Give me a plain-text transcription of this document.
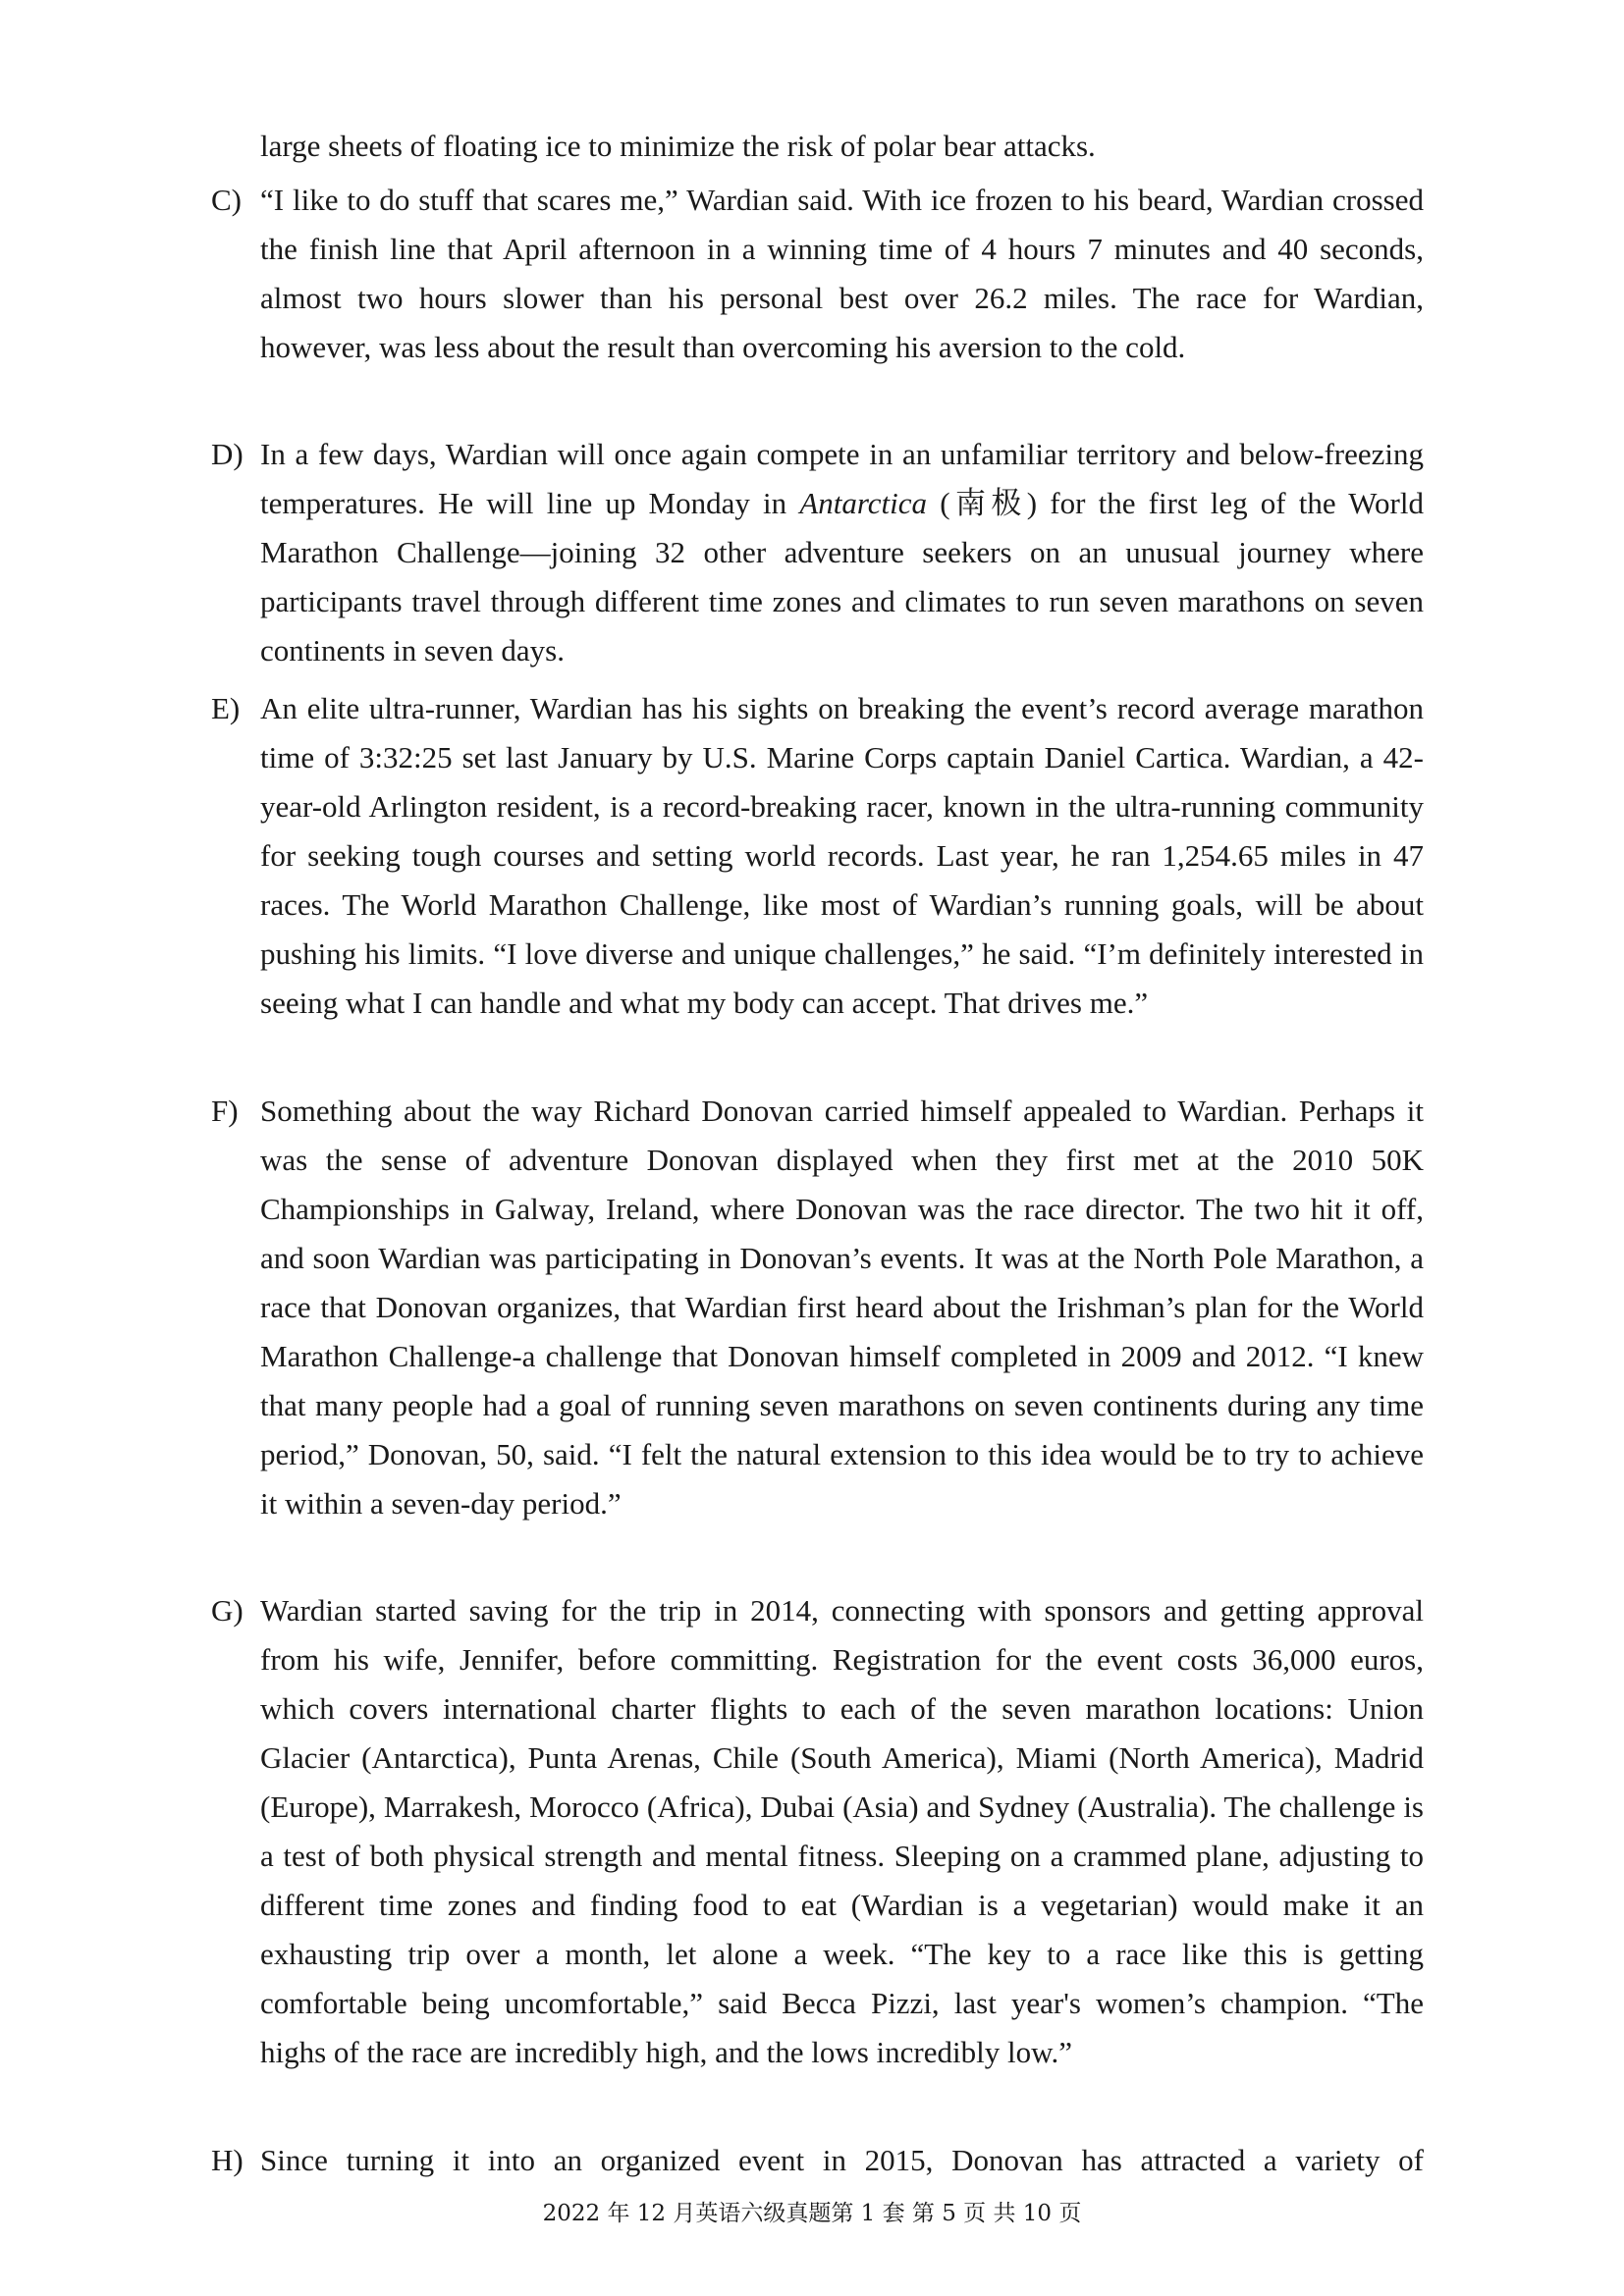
large sheets of floating ice to minimize the risk of polar bear attacks.
C) “I like to do stuff that scares me,” Wardian said. With ice frozen to his beard, Wardian crossed the finish line that April afternoon in a winning time of 4 hours 7 minutes and 40 seconds, almost two hours slower than his personal best over 26.2 miles. The race for Wardian, however, was less about the result than overcoming his aversion to the cold.
D) In a few days, Wardian will once again compete in an unfamiliar territory and below-freezing temperatures. He will line up Monday in Antarctica (南极) for the first leg of the World Marathon Challenge—joining 32 other adventure seekers on an unusual journey where participants travel through different time zones and climates to run seven marathons on seven continents in seven days.
E) An elite ultra-runner, Wardian has his sights on breaking the event’s record average marathon time of 3:32:25 set last January by U.S. Marine Corps captain Daniel Cartica. Wardian, a 42-year-old Arlington resident, is a record-breaking racer, known in the ultra-running community for seeking tough courses and setting world records. Last year, he ran 1,254.65 miles in 47 races. The World Marathon Challenge, like most of Wardian’s running goals, will be about pushing his limits. “I love diverse and unique challenges,” he said. “I’m definitely interested in seeing what I can handle and what my body can accept. That drives me.”
F) Something about the way Richard Donovan carried himself appealed to Wardian. Perhaps it was the sense of adventure Donovan displayed when they first met at the 2010 50K Championships in Galway, Ireland, where Donovan was the race director. The two hit it off, and soon Wardian was participating in Donovan’s events. It was at the North Pole Marathon, a race that Donovan organizes, that Wardian first heard about the Irishman’s plan for the World Marathon Challenge-a challenge that Donovan himself completed in 2009 and 2012. “I knew that many people had a goal of running seven marathons on seven continents during any time period,” Donovan, 50, said. “I felt the natural extension to this idea would be to try to achieve it within a seven-day period.”
G) Wardian started saving for the trip in 2014, connecting with sponsors and getting approval from his wife, Jennifer, before committing. Registration for the event costs 36,000 euros, which covers international charter flights to each of the seven marathon locations: Union Glacier (Antarctica), Punta Arenas, Chile (South America), Miami (North America), Madrid (Europe), Marrakesh, Morocco (Africa), Dubai (Asia) and Sydney (Australia). The challenge is a test of both physical strength and mental fitness. Sleeping on a crammed plane, adjusting to different time zones and finding food to eat (Wardian is a vegetarian) would make it an exhausting trip over a month, let alone a week. “The key to a race like this is getting comfortable being uncomfortable,” said Becca Pizzi, last year's women’s champion. “The highs of the race are incredibly high, and the lows incredibly low.”
H) Since turning it into an organized event in 2015, Donovan has attracted a variety of
2022 年 12 月英语六级真题第 1 套 第 5 页 共 10 页
